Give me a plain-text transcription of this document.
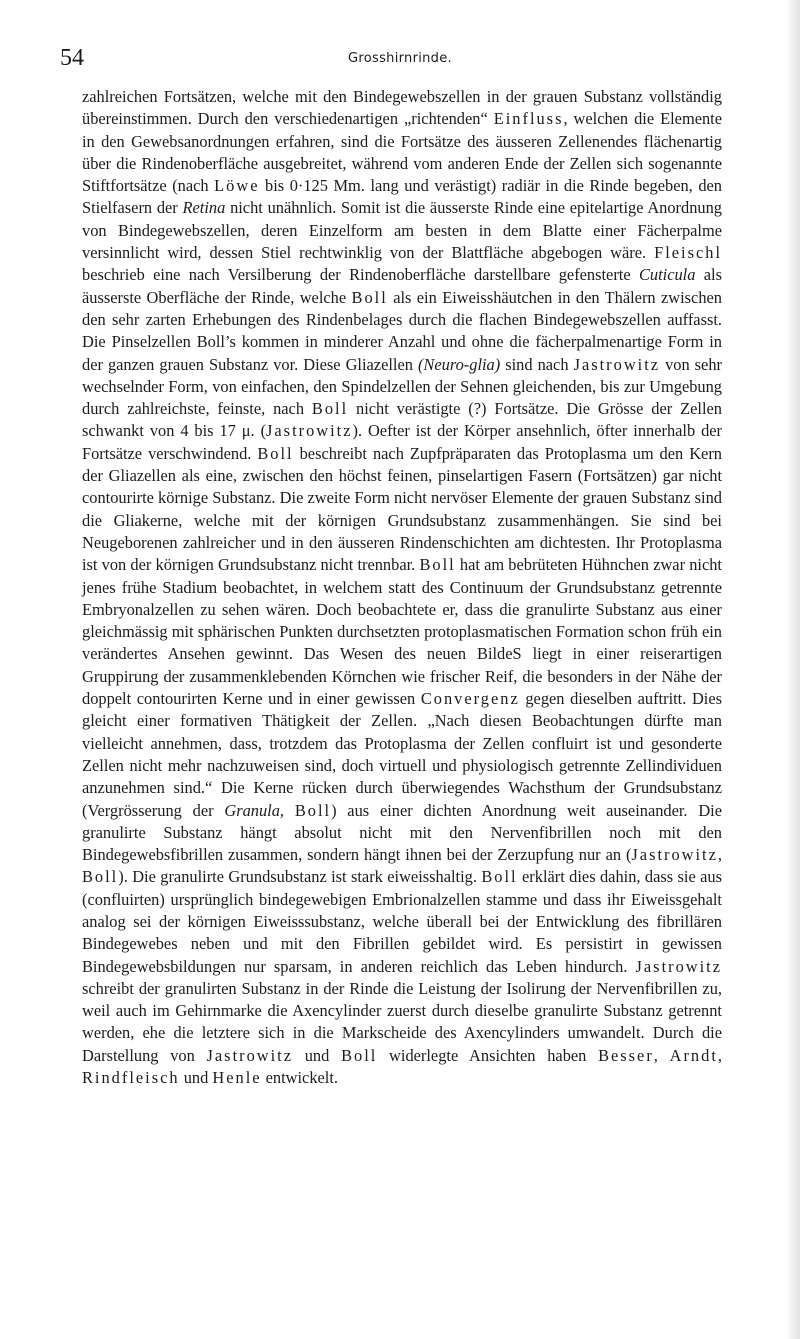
54	Grosshirnrinde.

zahlreichen Fortsätzen, welche mit den Bindegewebszellen in der grauen Substanz vollständig übereinstimmen. Durch den verschiedenartigen „richtenden“ Einfluss, welchen die Elemente in den Gewebsanordnungen erfahren, sind die Fortsätze des äusseren Zellenendes flächenartig über die Rindenoberfläche ausgebreitet, während vom anderen Ende der Zellen sich sogenannte Stiftfortsätze (nach Löwe bis 0·125 Mm. lang und verästigt) radiär in die Rinde begeben, den Stielfasern der Retina nicht unähnlich. Somit ist die äusserste Rinde eine epitelartige Anordnung von Bindegewebszellen, deren Einzelform am besten in dem Blatte einer Fächerpalme versinnlicht wird, dessen Stiel rechtwinklig von der Blattfläche abgebogen wäre. Fleischl beschrieb eine nach Versilberung der Rindenoberfläche darstellbare gefensterte Cuticula als äusserste Oberfläche der Rinde, welche Boll als ein Eiweisshäutchen in den Thälern zwischen den sehr zarten Erhebungen des Rindenbelages durch die flachen Bindegewebszellen auffasst. Die Pinselzellen Boll’s kommen in minderer Anzahl und ohne die fächerpalmenartige Form in der ganzen grauen Substanz vor. Diese Gliazellen (Neuro-glia) sind nach Jastrowitz von sehr wechselnder Form, von einfachen, den Spindelzellen der Sehnen gleichenden, bis zur Umgebung durch zahlreichste, feinste, nach Boll nicht verästigte (?) Fortsätze. Die Grösse der Zellen schwankt von 4 bis 17 μ. (Jastrowitz). Oefter ist der Körper ansehnlich, öfter innerhalb der Fortsätze verschwindend. Boll beschreibt nach Zupfpräparaten das Protoplasma um den Kern der Gliazellen als eine, zwischen den höchst feinen, pinselartigen Fasern (Fortsätzen) gar nicht contourirte körnige Substanz. Die zweite Form nicht nervöser Elemente der grauen Substanz sind die Gliakerne, welche mit der körnigen Grundsubstanz zusammenhängen. Sie sind bei Neugeborenen zahlreicher und in den äusseren Rindenschichten am dichtesten. Ihr Protoplasma ist von der körnigen Grundsubstanz nicht trennbar. Boll hat am bebrüteten Hühnchen zwar nicht jenes frühe Stadium beobachtet, in welchem statt des Continuum der Grundsubstanz getrennte Embryonalzellen zu sehen wären. Doch beobachtete er, dass die granulirte Substanz aus einer gleichmässig mit sphärischen Punkten durchsetzten protoplasmatischen Formation schon früh ein verändertes Ansehen gewinnt. Das Wesen des neuen BildeS liegt in einer reiserartigen Gruppirung der zusammenklebenden Körnchen wie frischer Reif, die besonders in der Nähe der doppelt contourirten Kerne und in einer gewissen Convergenz gegen dieselben auftritt. Dies gleicht einer formativen Thätigkeit der Zellen. „Nach diesen Beobachtungen dürfte man vielleicht annehmen, dass, trotzdem das Protoplasma der Zellen confluirt ist und gesonderte Zellen nicht mehr nachzuweisen sind, doch virtuell und physiologisch getrennte Zellindividuen anzunehmen sind.“ Die Kerne rücken durch überwiegendes Wachsthum der Grundsubstanz (Vergrösserung der Granula, Boll) aus einer dichten Anordnung weit auseinander. Die granulirte Substanz hängt absolut nicht mit den Nervenfibrillen noch mit den Bindegewebsfibrillen zusammen, sondern hängt ihnen bei der Zerzupfung nur an (Jastrowitz, Boll). Die granulirte Grundsubstanz ist stark eiweisshaltig. Boll erklärt dies dahin, dass sie aus (confluirten) ursprünglich bindegewebigen Embrionalzellen stamme und dass ihr Eiweissgehalt analog sei der körnigen Eiweisssubstanz, welche überall bei der Entwicklung des fibrillären Bindegewebes neben und mit den Fibrillen gebildet wird. Es persistirt in gewissen Bindegewebsbildungen nur sparsam, in anderen reichlich das Leben hindurch. Jastrowitz schreibt der granulirten Substanz in der Rinde die Leistung der Isolirung der Nervenfibrillen zu, weil auch im Gehirnmarke die Axencylinder zuerst durch dieselbe granulirte Substanz getrennt werden, ehe die letztere sich in die Markscheide des Axencylinders umwandelt. Durch die Darstellung von Jastrowitz und Boll widerlegte Ansichten haben Besser, Arndt, Rindfleisch und Henle entwickelt.
